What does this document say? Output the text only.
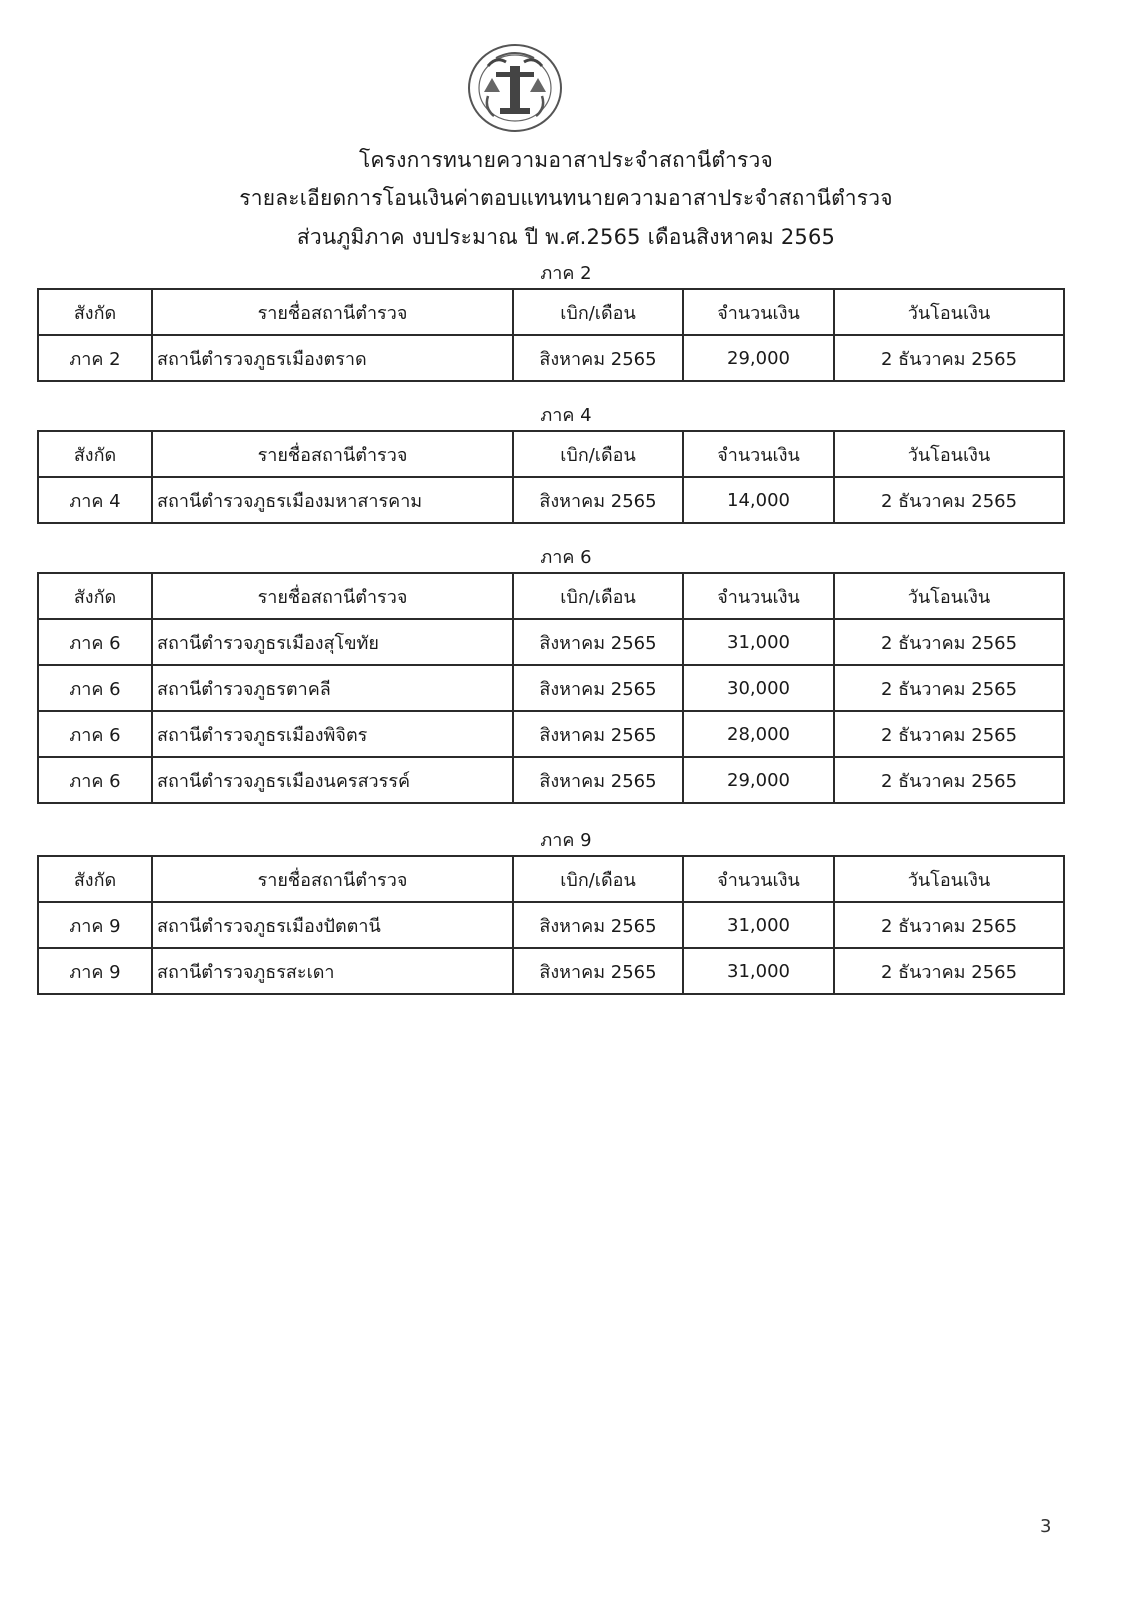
โครงการทนายความอาสาประจำสถานีตำรวจ
รายละเอียดการโอนเงินค่าตอบแทนทนายความอาสาประจำสถานีตำรวจ
ส่วนภูมิภาค งบประมาณ ปี พ.ศ.2565 เดือนสิงหาคม 2565
ภาค 2
สังกัด	รายชื่อสถานีตำรวจ	เบิก/เดือน	จำนวนเงิน	วันโอนเงิน
ภาค 2	สถานีตำรวจภูธรเมืองตราด	สิงหาคม 2565	29,000	2 ธันวาคม 2565
ภาค 4
สังกัด	รายชื่อสถานีตำรวจ	เบิก/เดือน	จำนวนเงิน	วันโอนเงิน
ภาค 4	สถานีตำรวจภูธรเมืองมหาสารคาม	สิงหาคม 2565	14,000	2 ธันวาคม 2565
ภาค 6
สังกัด	รายชื่อสถานีตำรวจ	เบิก/เดือน	จำนวนเงิน	วันโอนเงิน
ภาค 6	สถานีตำรวจภูธรเมืองสุโขทัย	สิงหาคม 2565	31,000	2 ธันวาคม 2565
ภาค 6	สถานีตำรวจภูธรตาคลี	สิงหาคม 2565	30,000	2 ธันวาคม 2565
ภาค 6	สถานีตำรวจภูธรเมืองพิจิตร	สิงหาคม 2565	28,000	2 ธันวาคม 2565
ภาค 6	สถานีตำรวจภูธรเมืองนครสวรรค์	สิงหาคม 2565	29,000	2 ธันวาคม 2565
ภาค 9
สังกัด	รายชื่อสถานีตำรวจ	เบิก/เดือน	จำนวนเงิน	วันโอนเงิน
ภาค 9	สถานีตำรวจภูธรเมืองปัตตานี	สิงหาคม 2565	31,000	2 ธันวาคม 2565
ภาค 9	สถานีตำรวจภูธรสะเดา	สิงหาคม 2565	31,000	2 ธันวาคม 2565
3
